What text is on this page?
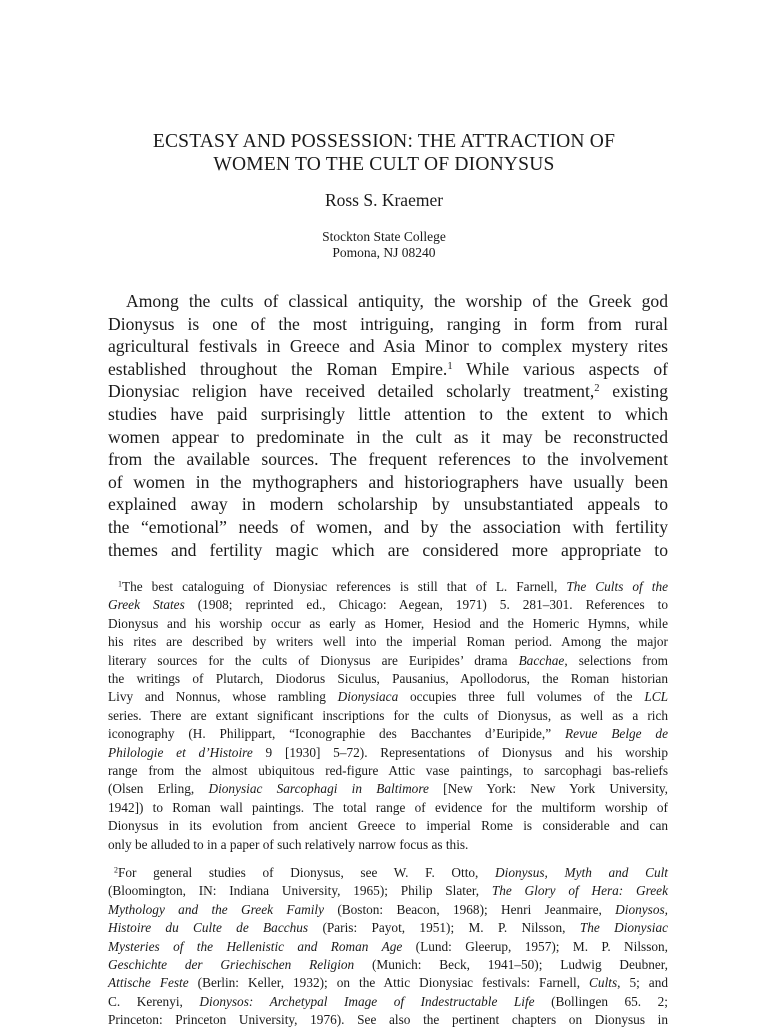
ECSTASY AND POSSESSION: THE ATTRACTION OF
WOMEN TO THE CULT OF DIONYSUS
Ross S. Kraemer
Stockton State College
Pomona, NJ 08240
Among the cults of classical antiquity, the worship of the Greek god
Dionysus is one of the most intriguing, ranging in form from rural
agricultural festivals in Greece and Asia Minor to complex mystery rites
established throughout the Roman Empire.$^1$ While various aspects of
Dionysiac religion have received detailed scholarly treatment,$^2$ existing
studies have paid surprisingly little attention to the extent to which
women appear to predominate in the cult as it may be reconstructed
from the available sources. The frequent references to the involvement
of women in the mythographers and historiographers have usually been
explained away in modern scholarship by unsubstantiated appeals to
the “emotional” needs of women, and by the association with fertility
themes and fertility magic which are considered more appropriate to
$^1$The best cataloguing of Dionysiac references is still that of L. Farnell, The Cults of the
Greek States (1908; reprinted ed., Chicago: Aegean, 1971) 5. 281–301. References to
Dionysus and his worship occur as early as Homer, Hesiod and the Homeric Hymns, while
his rites are described by writers well into the imperial Roman period. Among the major
literary sources for the cults of Dionysus are Euripides’ drama Bacchae, selections from
the writings of Plutarch, Diodorus Siculus, Pausanius, Apollodorus, the Roman historian
Livy and Nonnus, whose rambling Dionysiaca occupies three full volumes of the LCL
series. There are extant significant inscriptions for the cults of Dionysus, as well as a rich
iconography (H. Philippart, “Iconographie des Bacchantes d’Euripide,” Revue Belge de
Philologie et d’Histoire 9 [1930] 5–72). Representations of Dionysus and his worship
range from the almost ubiquitous red-figure Attic vase paintings, to sarcophagi bas-reliefs
(Olsen Erling, Dionysiac Sarcophagi in Baltimore [New York: New York University,
1942]) to Roman wall paintings. The total range of evidence for the multiform worship of
Dionysus in its evolution from ancient Greece to imperial Rome is considerable and can
only be alluded to in a paper of such relatively narrow focus as this.
$^2$For general studies of Dionysus, see W. F. Otto, Dionysus, Myth and Cult
(Bloomington, IN: Indiana University, 1965); Philip Slater, The Glory of Hera: Greek
Mythology and the Greek Family (Boston: Beacon, 1968); Henri Jeanmaire, Dionysos,
Histoire du Culte de Bacchus (Paris: Payot, 1951); M. P. Nilsson, The Dionysiac
Mysteries of the Hellenistic and Roman Age (Lund: Gleerup, 1957); M. P. Nilsson,
Geschichte der Griechischen Religion (Munich: Beck, 1941–50); Ludwig Deubner,
Attische Feste (Berlin: Keller, 1932); on the Attic Dionysiac festivals: Farnell, Cults, 5; and
C. Kerenyi, Dionysos: Archetypal Image of Indestructable Life (Bollingen 65. 2;
Princeton: Princeton University, 1976). See also the pertinent chapters on Dionysus in
